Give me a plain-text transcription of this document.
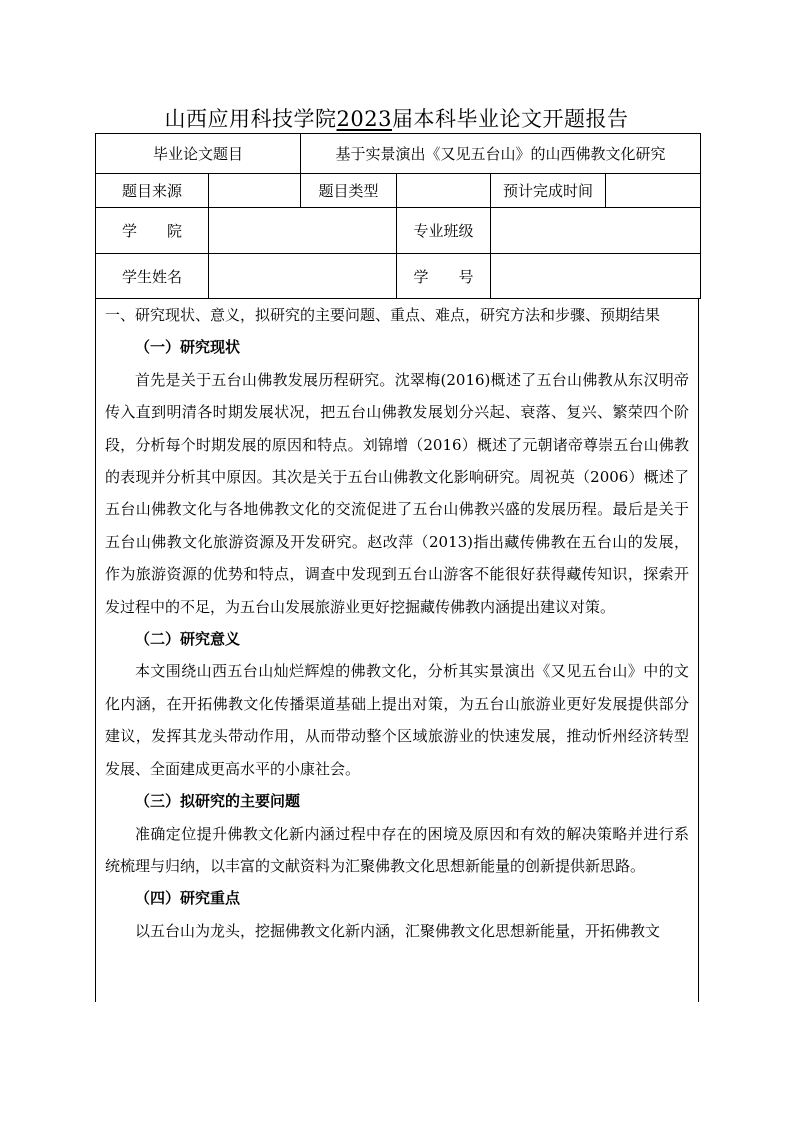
山西应用科技学院2023届本科毕业论文开题报告
毕业论文题目		基于实景演出《又见五台山》的山西佛教文化研究			
题目来源		题目类型		预计完成时间	
学　　院			专业班级		
学生姓名			学　　号		

一、研究现状、意义，拟研究的主要问题、重点、难点，研究方法和步骤、预期结果

（一）研究现状

首先是关于五台山佛教发展历程研究。沈翠梅(2016)概述了五台山佛教从东汉明帝传入直到明清各时期发展状况，把五台山佛教发展划分兴起、衰落、复兴、繁荣四个阶段，分析每个时期发展的原因和特点。刘锦增（2016）概述了元朝诸帝尊崇五台山佛教的表现并分析其中原因。其次是关于五台山佛教文化影响研究。周祝英（2006）概述了五台山佛教文化与各地佛教文化的交流促进了五台山佛教兴盛的发展历程。最后是关于五台山佛教文化旅游资源及开发研究。赵改萍（2013)指出藏传佛教在五台山的发展，作为旅游资源的优势和特点，调查中发现到五台山游客不能很好获得藏传知识，探索开发过程中的不足，为五台山发展旅游业更好挖掘藏传佛教内涵提出建议对策。

（二）研究意义

本文围绕山西五台山灿烂辉煌的佛教文化，分析其实景演出《又见五台山》中的文化内涵，在开拓佛教文化传播渠道基础上提出对策，为五台山旅游业更好发展提供部分建议，发挥其龙头带动作用，从而带动整个区域旅游业的快速发展，推动忻州经济转型发展、全面建成更高水平的小康社会。

（三）拟研究的主要问题

准确定位提升佛教文化新内涵过程中存在的困境及原因和有效的解决策略并进行系统梳理与归纳，以丰富的文献资料为汇聚佛教文化思想新能量的创新提供新思路。

（四）研究重点

以五台山为龙头，挖掘佛教文化新内涵，汇聚佛教文化思想新能量，开拓佛教文
